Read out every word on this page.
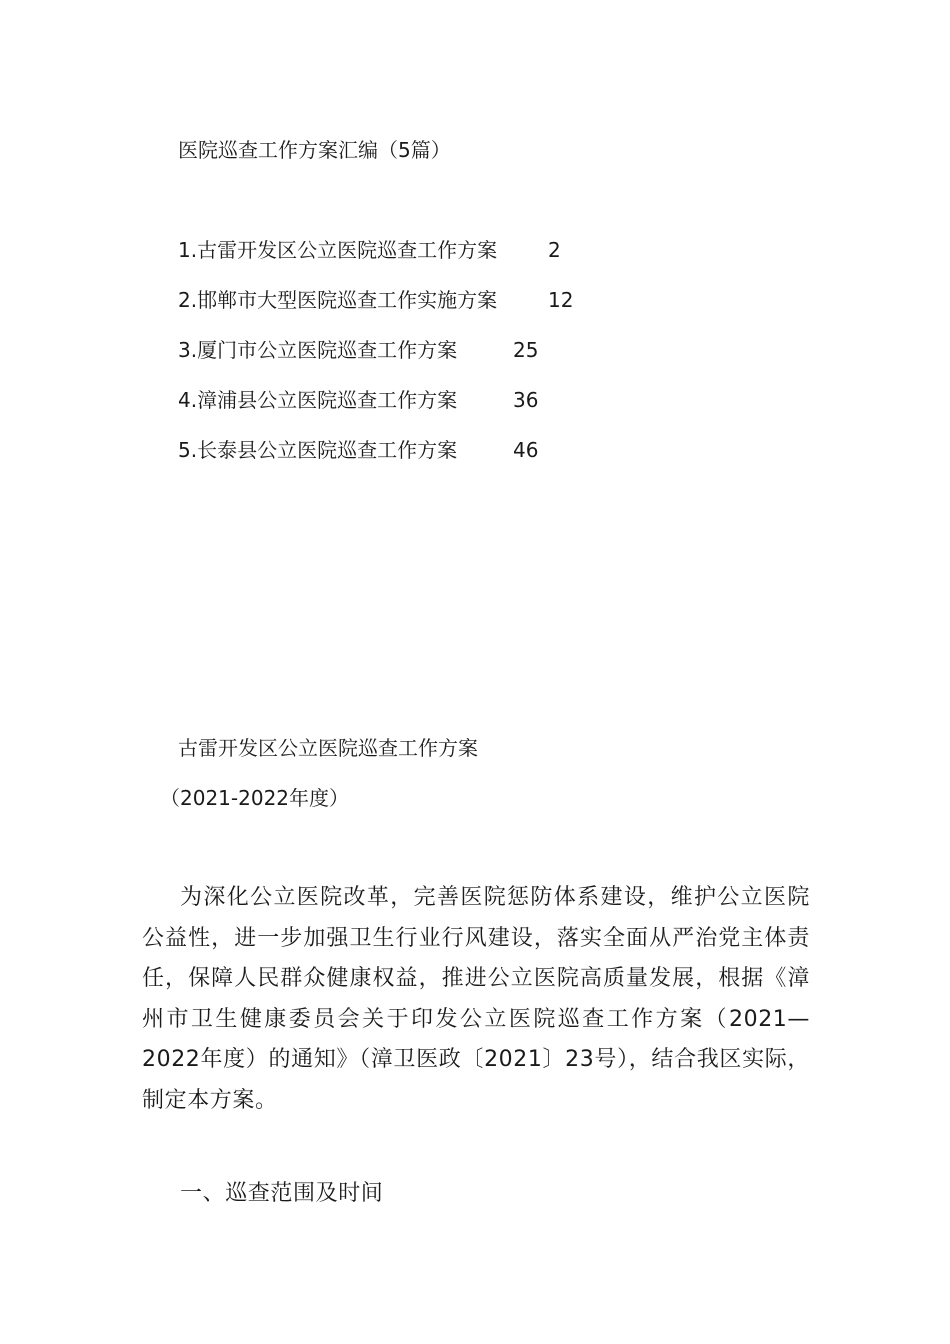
医院巡查工作方案汇编（5篇）
1.古雷开发区公立医院巡查工作方案	2
2.邯郸市大型医院巡查工作实施方案	12
3.厦门市公立医院巡查工作方案	25
4.漳浦县公立医院巡查工作方案	36
5.长泰县公立医院巡查工作方案	46
古雷开发区公立医院巡查工作方案
（2021-2022年度）

为深化公立医院改革，完善医院惩防体系建设，维护公立医院公益性，进一步加强卫生行业行风建设，落实全面从严治党主体责任，保障人民群众健康权益，推进公立医院高质量发展，根据《漳州市卫生健康委员会关于印发公立医院巡查工作方案（2021—2022年度）的通知》（漳卫医政〔2021〕23号），结合我区实际，制定本方案。

一、巡查范围及时间
